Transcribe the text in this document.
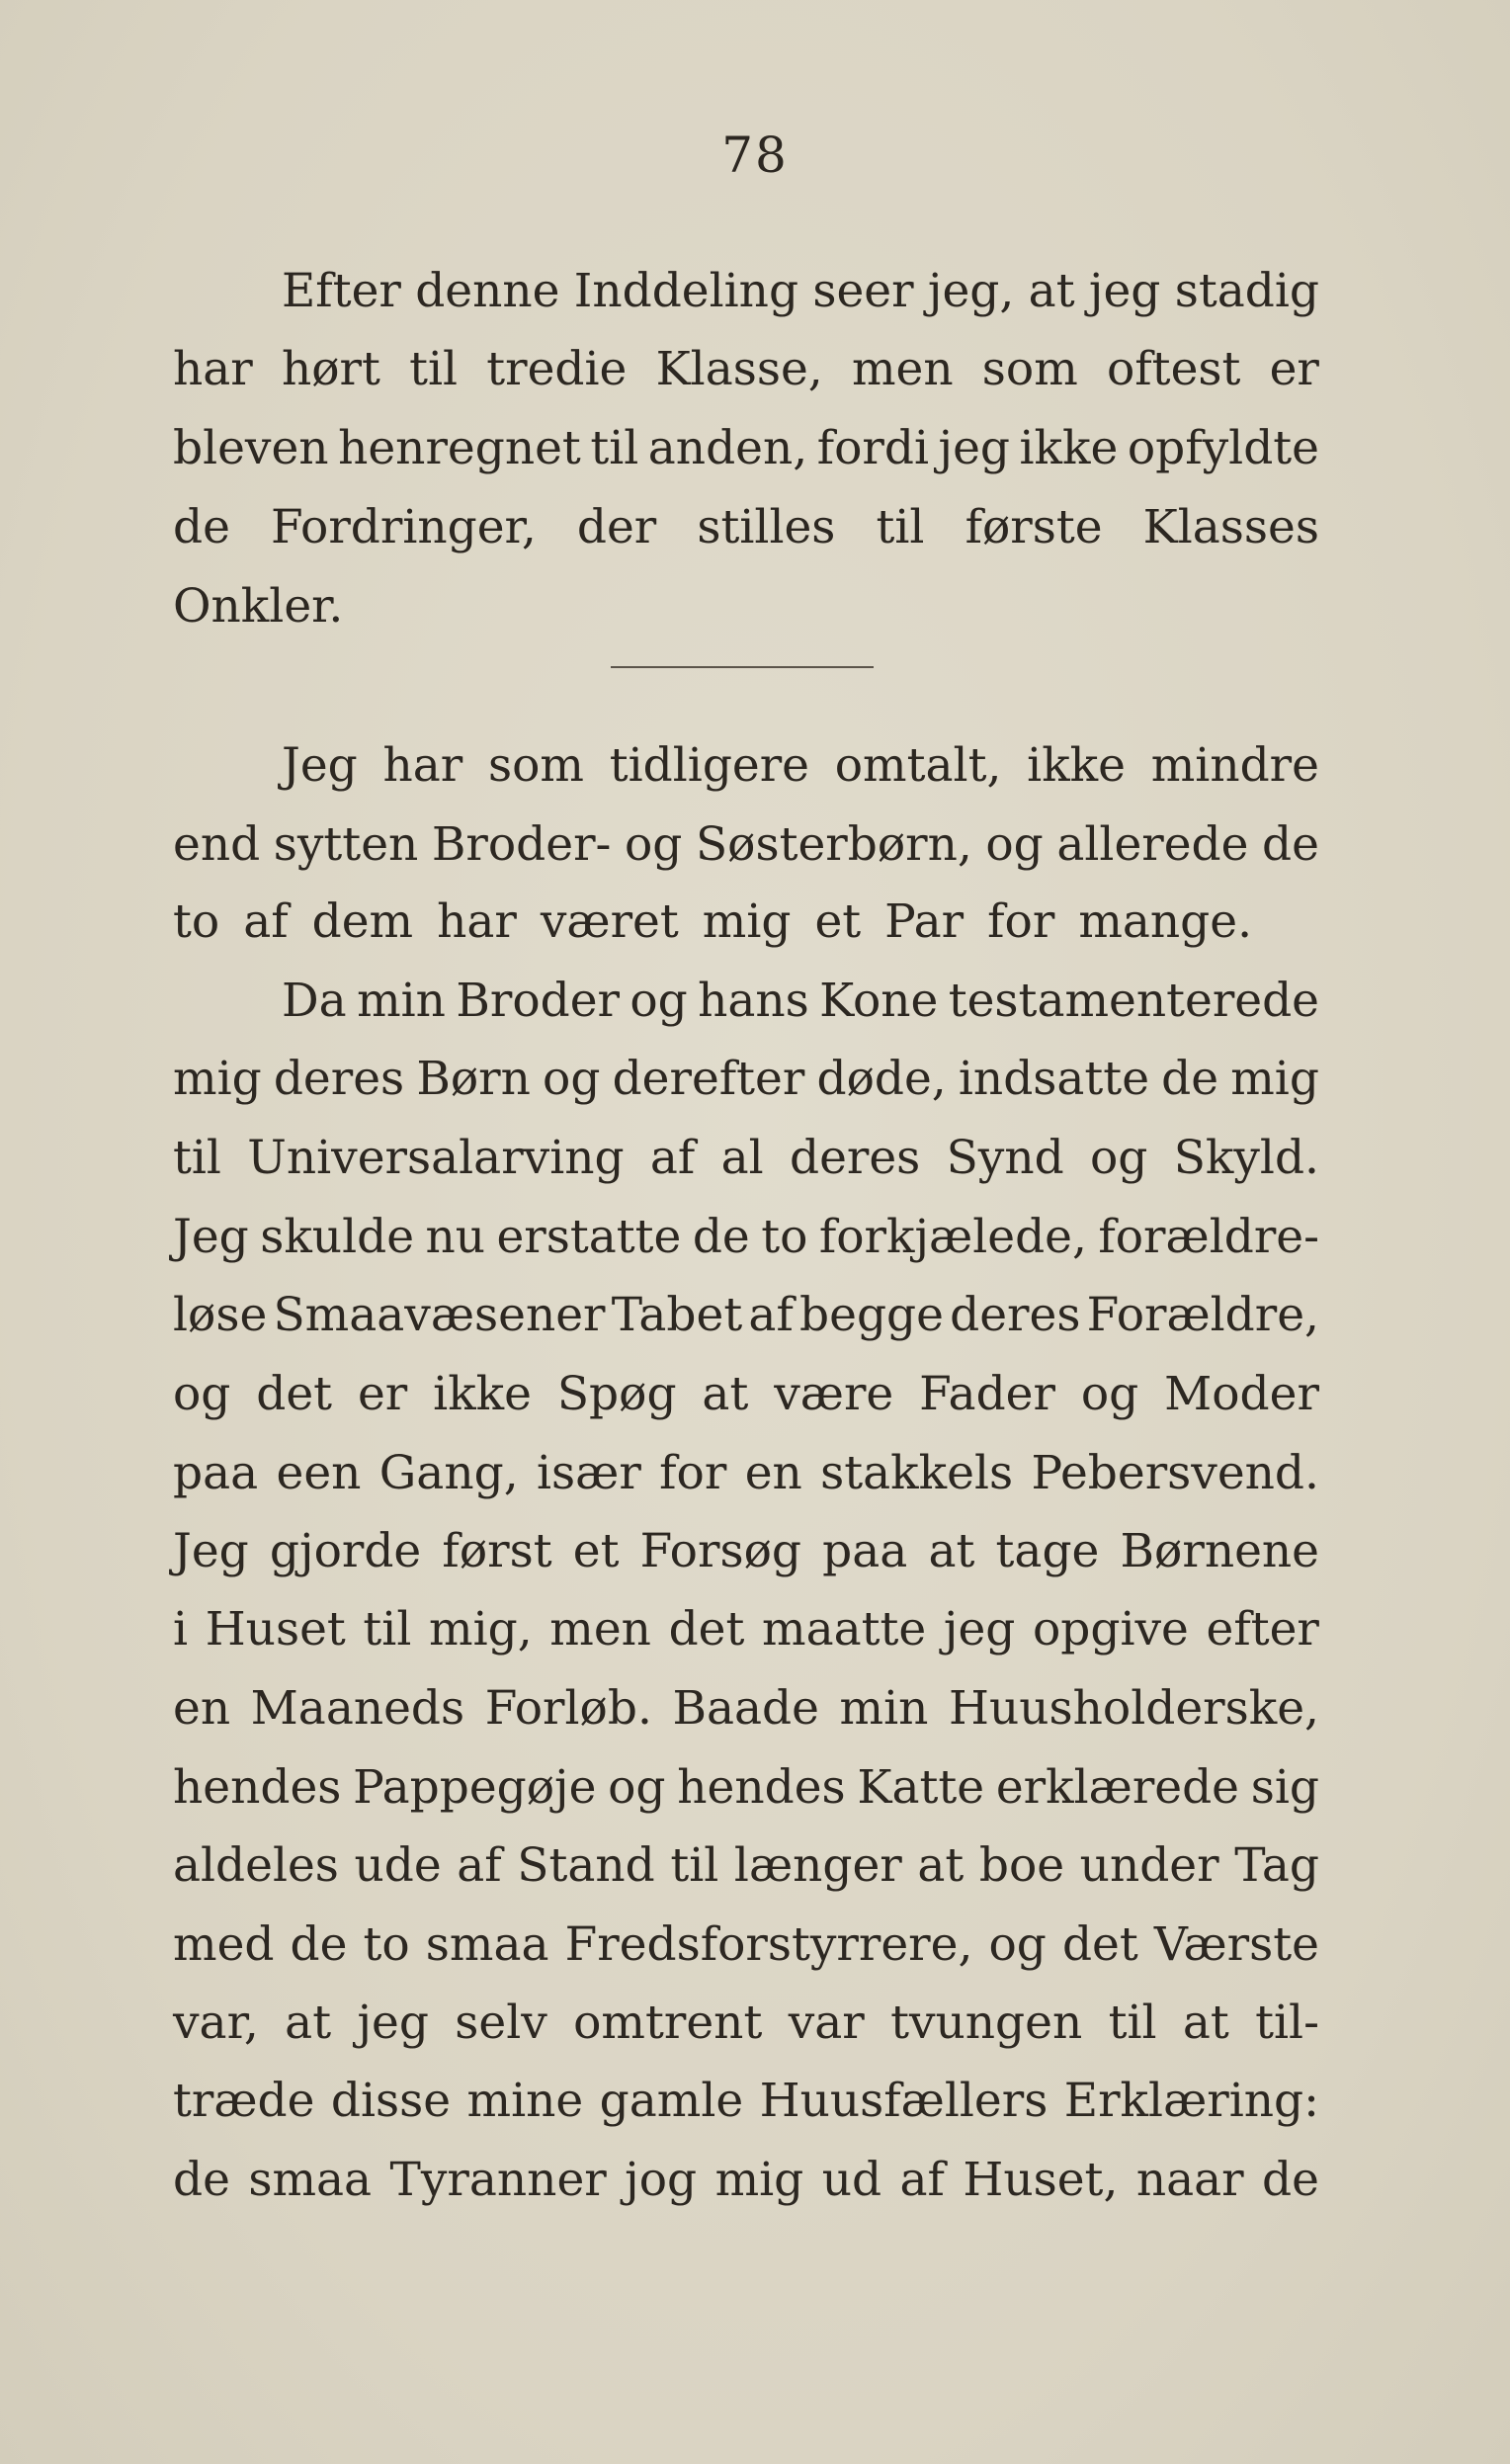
78
Efter denne Inddeling seer jeg, at jeg stadig
har hørt til tredie Klasse, men som oftest er
bleven henregnet til anden, fordi jeg ikke opfyldte
de Fordringer, der stilles til første Klasses
Onkler.
Jeg har som tidligere omtalt, ikke mindre
end sytten Broder- og Søsterbørn, og allerede de
to af dem har været mig et Par for mange.
Da min Broder og hans Kone testamenterede
mig deres Børn og derefter døde, indsatte de mig
til Universalarving af al deres Synd og Skyld.
Jeg skulde nu erstatte de to forkjælede, forældre-
løse Smaavæsener Tabet af begge deres Forældre,
og det er ikke Spøg at være Fader og Moder
paa een Gang, især for en stakkels Pebersvend.
Jeg gjorde først et Forsøg paa at tage Børnene
i Huset til mig, men det maatte jeg opgive efter
en Maaneds Forløb. Baade min Huusholderske,
hendes Pappegøje og hendes Katte erklærede sig
aldeles ude af Stand til længer at boe under Tag
med de to smaa Fredsforstyrrere, og det Værste
var, at jeg selv omtrent var tvungen til at til-
træde disse mine gamle Huusfællers Erklæring:
de smaa Tyranner jog mig ud af Huset, naar de
